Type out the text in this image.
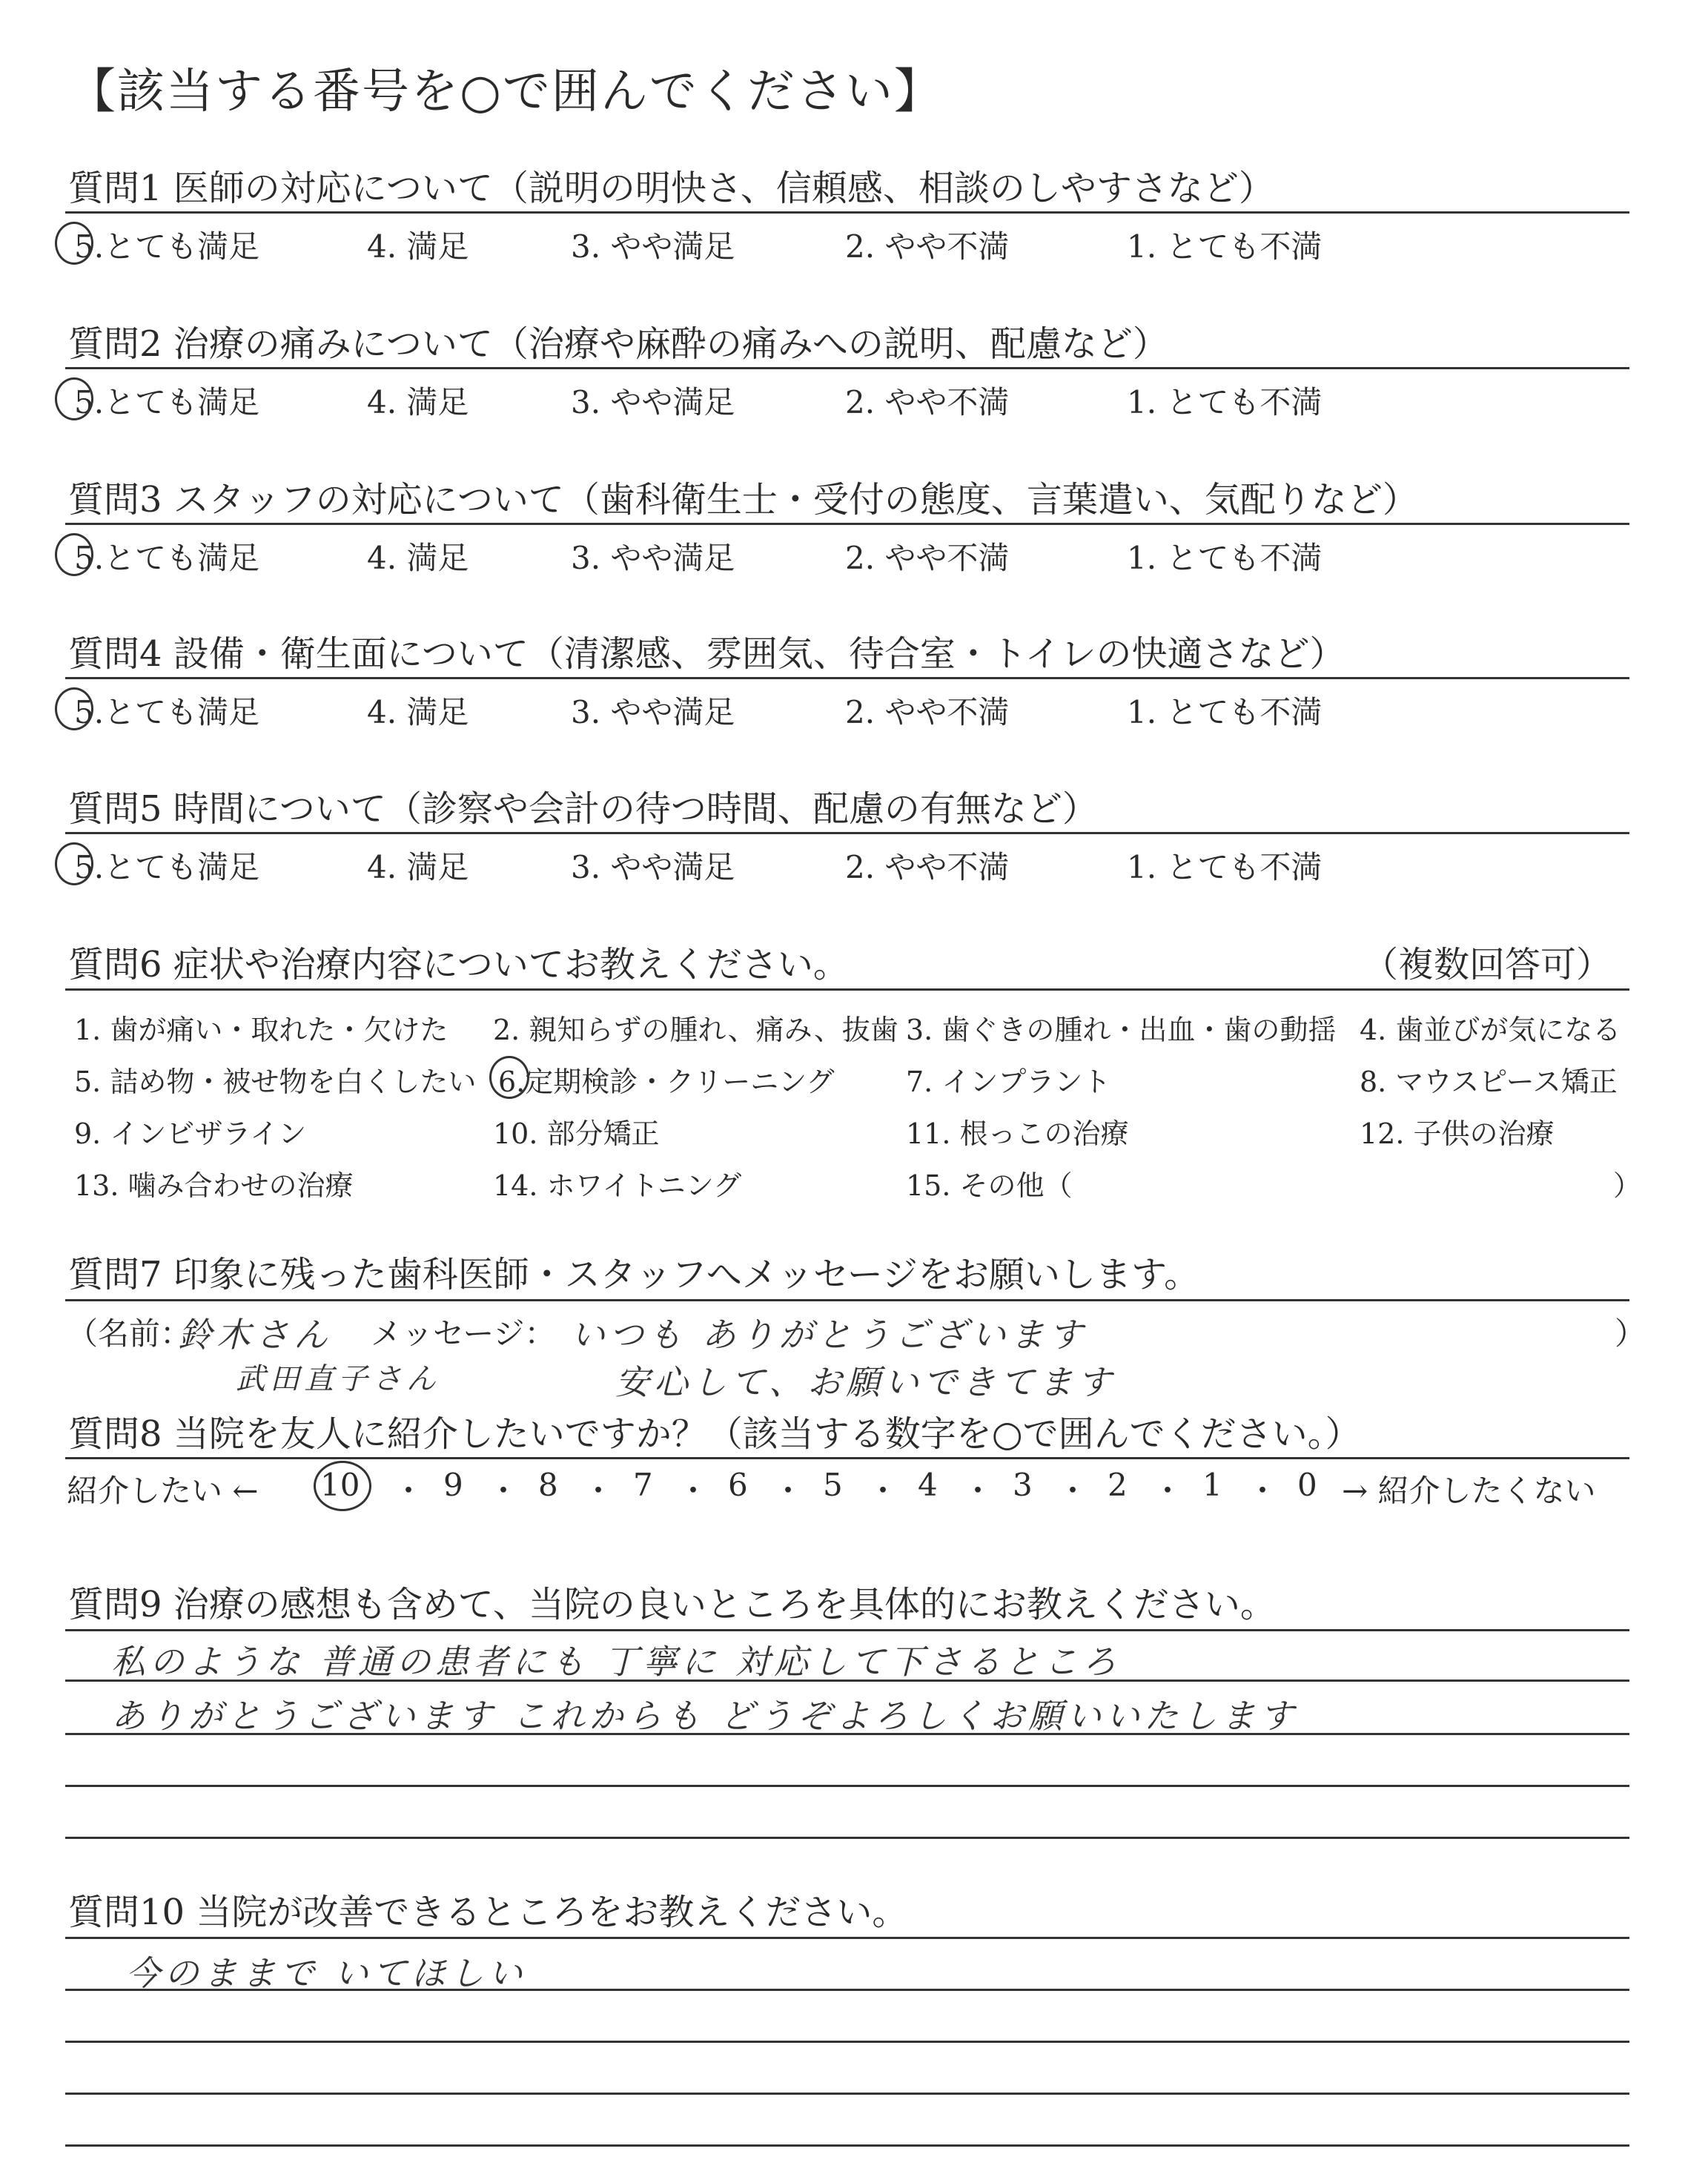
【該当する番号を○で囲んでください】
質問1 医師の対応について（説明の明快さ、信頼感、相談のしやすさなど）
5.とても満足	4. 満足	3. やや満足	2. やや不満	1. とても不満
質問2 治療の痛みについて（治療や麻酔の痛みへの説明、配慮など）
5.とても満足	4. 満足	3. やや満足	2. やや不満	1. とても不満
質問3 スタッフの対応について（歯科衛生士・受付の態度、言葉遣い、気配りなど）
5.とても満足	4. 満足	3. やや満足	2. やや不満	1. とても不満
質問4 設備・衛生面について（清潔感、雰囲気、待合室・トイレの快適さなど）
5.とても満足	4. 満足	3. やや満足	2. やや不満	1. とても不満
質問5 時間について（診察や会計の待つ時間、配慮の有無など）
5.とても満足	4. 満足	3. やや満足	2. やや不満	1. とても不満
質問6 症状や治療内容についてお教えください。	（複数回答可）
1. 歯が痛い・取れた・欠けた 2. 親知らずの腫れ、痛み、抜歯 3. 歯ぐきの腫れ・出血・歯の動揺 4. 歯並びが気になる
5. 詰め物・被せ物を白くしたい 6.定期検診・クリーニング	7. インプラント	8. マウスピース矯正
9. インビザライン	10. 部分矯正	11. 根っこの治療	12. 子供の治療
13. 噛み合わせの治療	14. ホワイトニング	15. その他（	）
質問7 印象に残った歯科医師・スタッフへメッセージをお願いします。
（名前：
鈴木さん
武田直子さん
メッセージ： いつも ありがとうございます
安心して、お願いできてます
）
質問8 当院を友人に紹介したいですか？（該当する数字を○で囲んでください。）
紹介したい ← 10 ・ 9 ・ 8 ・ 7 ・ 6 ・ 5 ・ 4 ・ 3 ・ 2 ・ 1 ・ 0 → 紹介したくない
質問9 治療の感想も含めて、当院の良いところを具体的にお教えください。
私のような 普通の患者にも 丁寧に 対応して下さるところ
ありがとうございます これからも どうぞよろしくお願いいたします
質問10 当院が改善できるところをお教えください。
今のままで いてほしい
